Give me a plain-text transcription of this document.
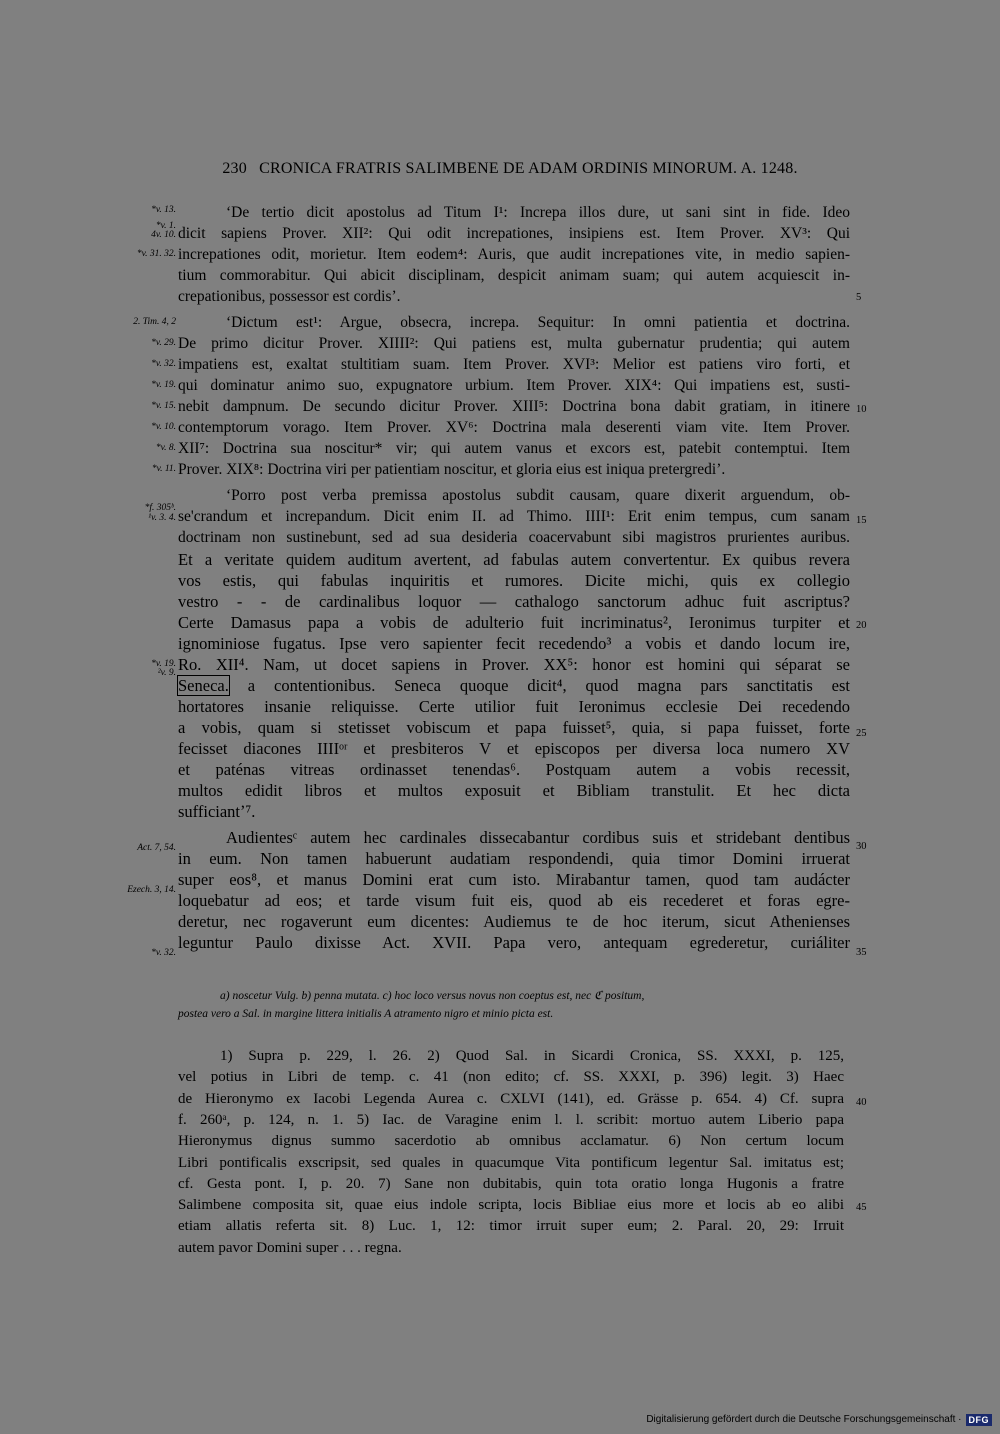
230 CRONICA FRATRIS SALIMBENE DE ADAM ORDINIS MINORUM. A. 1248.
ʻDe tertio dicit apostolus ad Titum I¹: Increpa illos dure, ut sani sint in fide. Ideo
dicit sapiens Prover. XII²: Qui odit increpationes, insipiens est. Item Prover. XV³: Qui
increpationes odit, morietur. Item eodem⁴: Auris, que audit increpationes vite, in medio sapien-
tium commorabitur. Qui abicit disciplinam, despicit animam suam; qui autem acquiescit in-
crepationibus, possessor est cordisʼ.
ʻDictum est¹: Argue, obsecra, increpa. Sequitur: In omni patientia et doctrina.
De primo dicitur Prover. XIIII²: Qui patiens est, multa gubernatur prudentia; qui autem
impatiens est, exaltat stultitiam suam. Item Prover. XVI³: Melior est patiens viro forti, et
qui dominatur animo suo, expugnatore urbium. Item Prover. XIX⁴: Qui impatiens est, susti-
nebit dampnum. De secundo dicitur Prover. XIII⁵: Doctrina bona dabit gratiam, in itinere
contemptorum vorago. Item Prover. XV⁶: Doctrina mala deserenti viam vite. Item Prover.
XII⁷: Doctrina sua noscitur* vir; qui autem vanus et excors est, patebit contemptui. Item
Prover. XIX⁸: Doctrina viri per patientiam noscitur, et gloria eius est iniqua pretergrediʼ.
ʻPorro post verba premissa apostolus subdit causam, quare dixerit arguendum, ob-
se'crandum et increpandum. Dicit enim II. ad Thimo. IIII¹: Erit enim tempus, cum sanam
doctrinam non sustinebunt, sed ad sua desideria coacervabunt sibi magistros prurientes auribus.
Et a veritate quidem auditum avertent, ad fabulas autem convertentur. Ex quibus revera
vos estis, qui fabulas inquiritis et rumores. Dicite michi, quis ex collegio
vestro - - de cardinalibus loquor — cathalogo sanctorum adhuc fuit ascriptus?
Certe Damasus papa a vobis de adulterio fuit incriminatus², Ieronimus turpiter et
ignominiose fugatus. Ipse vero sapienter fecit recedendo³ a vobis et dando locum ire,
Ro. XII⁴. Nam, ut docet sapiens in Prover. XX⁵: honor est homini qui séparat se
Seneca. a contentionibus. Seneca quoque dicit⁴, quod magna pars sanctitatis est
hortatores insanie reliquisse. Certe utilior fuit Ieronimus ecclesie Dei recedendo
a vobis, quam si stetisset vobiscum et papa fuisset⁵, quia, si papa fuisset, forte
fecisset diacones IIIIᵒʳ et presbiteros V et episcopos per diversa loca numero XV
et paténas vitreas ordinasset tenendas⁶. Postquam autem a vobis recessit,
multos edidit libros et multos exposuit et Bibliam transtulit. Et hec dicta
sufficiantʼ⁷.
Audientesᶜ autem hec cardinales dissecabantur cordibus suis et stridebant dentibus
in eum. Non tamen habuerunt audatiam respondendi, quia timor Domini irruerat
super eos⁸, et manus Domini erat cum isto. Mirabantur tamen, quod tam audácter
loquebatur ad eos; et tarde visum fuit eis, quod ab eis recederet et foras egre-
deretur, nec rogaverunt eum dicentes: Audiemus te de hoc iterum, sicut Athenienses
leguntur Paulo dixisse Act. XVII. Papa vero, antequam egrederetur, curiáliter
*v. 13.
*v. 1.
4v. 10.
*v. 31. 32.
2. Tim. 4, 2
*v. 29.
*v. 32.
*v. 19.
*v. 15.
*v. 10.
*v. 8.
*v. 11.
*f. 305ᵇ.
¹v. 3. 4.
*v. 19.
²v. 9.
Act. 7, 54.
Ezech. 3, 14.
*v. 32.
5
10
15
20
25
30
35
40
45
a) noscetur Vulg. b) penna mutata. c) hoc loco versus novus non coeptus est, nec ℭ positum,
postea vero a Sal. in margine littera initialis A atramento nigro et minio picta est.
1) Supra p. 229, l. 26. 2) Quod Sal. in Sicardi Cronica, SS. XXXI, p. 125,
vel potius in Libri de temp. c. 41 (non edito; cf. SS. XXXI, p. 396) legit. 3) Haec
de Hieronymo ex Iacobi Legenda Aurea c. CXLVI (141), ed. Grässe p. 654. 4) Cf. supra
f. 260ᵃ, p. 124, n. 1. 5) Iac. de Varagine enim l. l. scribit: mortuo autem Liberio papa
Hieronymus dignus summo sacerdotio ab omnibus acclamatur. 6) Non certum locum
Libri pontificalis exscripsit, sed quales in quacumque Vita pontificum legentur Sal. imitatus est;
cf. Gesta pont. I, p. 20. 7) Sane non dubitabis, quin tota oratio longa Hugonis a fratre
Salimbene composita sit, quae eius indole scripta, locis Bibliae eius more et locis ab eo alibi
etiam allatis referta sit. 8) Luc. 1, 12: timor irruit super eum; 2. Paral. 20, 29: Irruit
autem pavor Domini super . . . regna.
Digitalisierung gefördert durch die Deutsche Forschungsgemeinschaft · DFG
